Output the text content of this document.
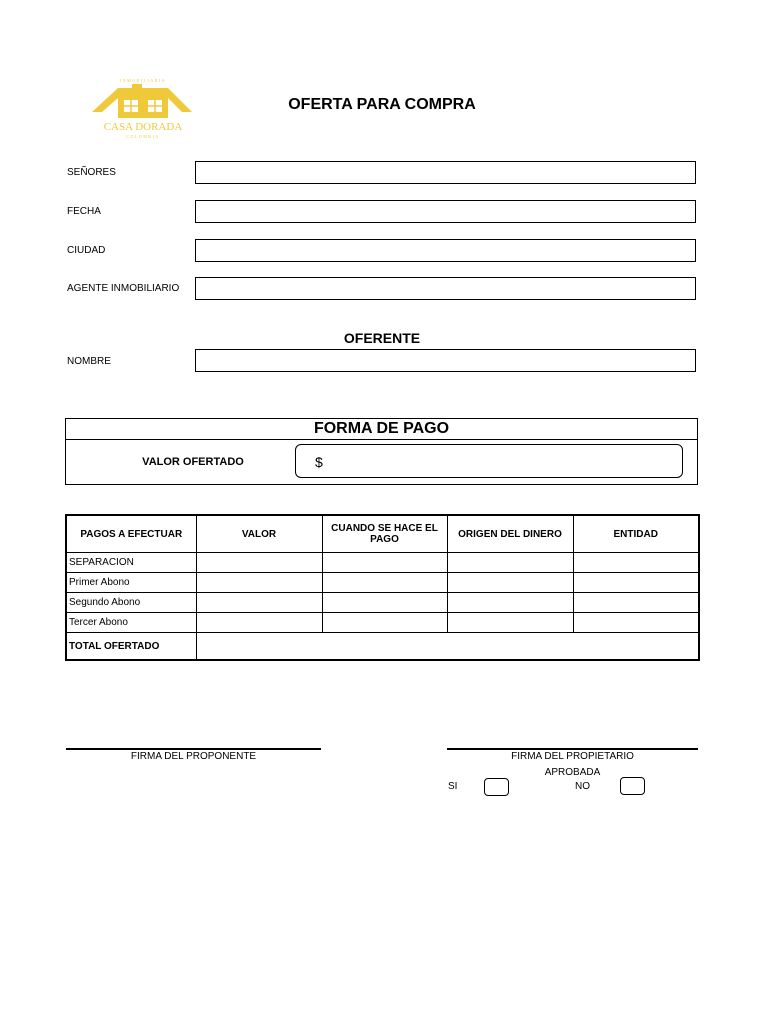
INMOBILIARIA
CASA DORADA
COLOMBIA
OFERTA PARA COMPRA
SEÑORES
FECHA
CIUDAD
AGENTE INMOBILIARIO
OFERENTE
NOMBRE
FORMA DE PAGO
VALOR OFERTADO	$
PAGOS A EFECTUAR	VALOR	CUANDO SE HACE EL PAGO	ORIGEN DEL DINERO	ENTIDAD
SEPARACION				
Primer Abono				
Segundo Abono				
Tercer Abono				
TOTAL OFERTADO				
FIRMA DEL PROPONENTE	FIRMA DEL PROPIETARIO
APROBADA
SI	NO
